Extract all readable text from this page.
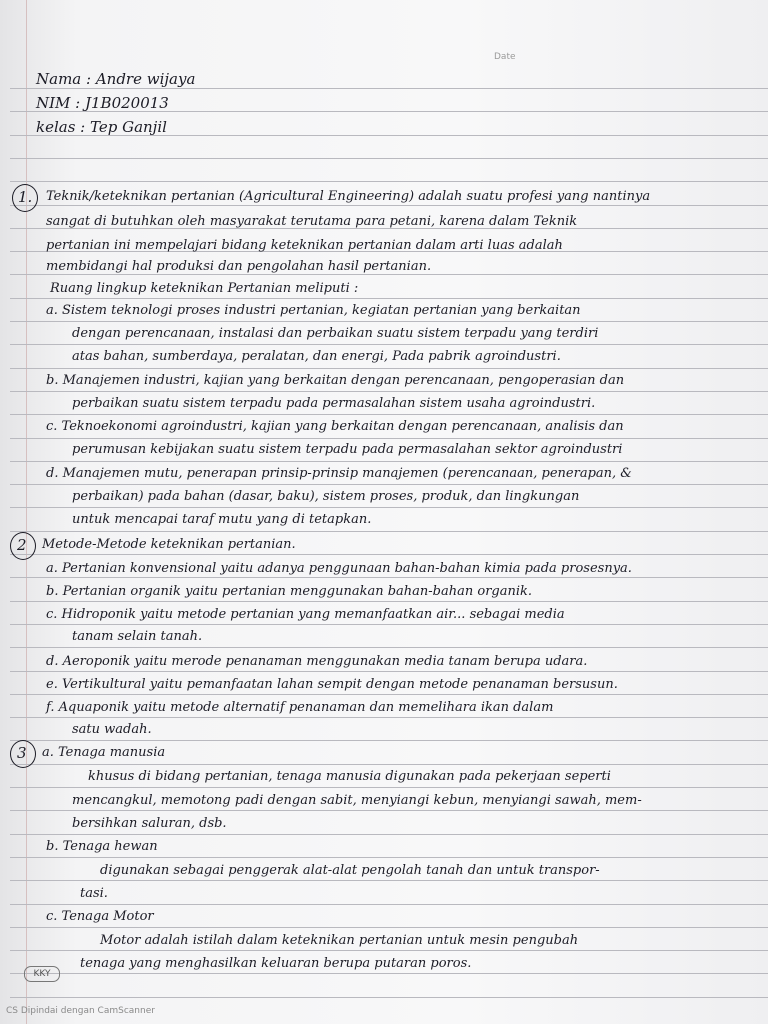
Date
Nama : Andre wijaya
NIM : J1B020013
kelas : Tep Ganjil
1. Teknik/keteknikan pertanian (Agricultural Engineering) adalah suatu profesi yang nantinya
sangat di butuhkan oleh masyarakat terutama para petani, karena dalam Teknik
pertanian ini mempelajari bidang keteknikan pertanian dalam arti luas adalah
membidangi hal produksi dan pengolahan hasil pertanian.
Ruang lingkup keteknikan Pertanian meliputi :
a. Sistem teknologi proses industri pertanian, kegiatan pertanian yang berkaitan
dengan perencanaan, instalasi dan perbaikan suatu sistem terpadu yang terdiri
atas bahan, sumberdaya, peralatan, dan energi, Pada pabrik agroindustri.
b. Manajemen industri, kajian yang berkaitan dengan perencanaan, pengoperasian dan
perbaikan suatu sistem terpadu pada permasalahan sistem usaha agroindustri.
c. Teknoekonomi agroindustri, kajian yang berkaitan dengan perencanaan, analisis dan
perumusan kebijakan suatu sistem terpadu pada permasalahan sektor agroindustri
d. Manajemen mutu, penerapan prinsip-prinsip manajemen (perencanaan, penerapan, &
perbaikan) pada bahan (dasar, baku), sistem proses, produk, dan lingkungan
untuk mencapai taraf mutu yang di tetapkan.
2 Metode-Metode keteknikan pertanian.
a. Pertanian konvensional yaitu adanya penggunaan bahan-bahan kimia pada prosesnya.
b. Pertanian organik yaitu pertanian menggunakan bahan-bahan organik.
c. Hidroponik yaitu metode pertanian yang memanfaatkan air... sebagai media
tanam selain tanah.
d. Aeroponik yaitu merode penanaman menggunakan media tanam berupa udara.
e. Vertikultural yaitu pemanfaatan lahan sempit dengan metode penanaman bersusun.
f. Aquaponik yaitu metode alternatif penanaman dan memelihara ikan dalam
satu wadah.
3 a. Tenaga manusia
khusus di bidang pertanian, tenaga manusia digunakan pada pekerjaan seperti
mencangkul, memotong padi dengan sabit, menyiangi kebun, menyiangi sawah, mem-
bersihkan saluran, dsb.
b. Tenaga hewan
digunakan sebagai penggerak alat-alat pengolah tanah dan untuk transpor-
tasi.
c. Tenaga Motor
Motor adalah istilah dalam keteknikan pertanian untuk mesin pengubah
tenaga yang menghasilkan keluaran berupa putaran poros.
KKY
CS Dipindai dengan CamScanner
